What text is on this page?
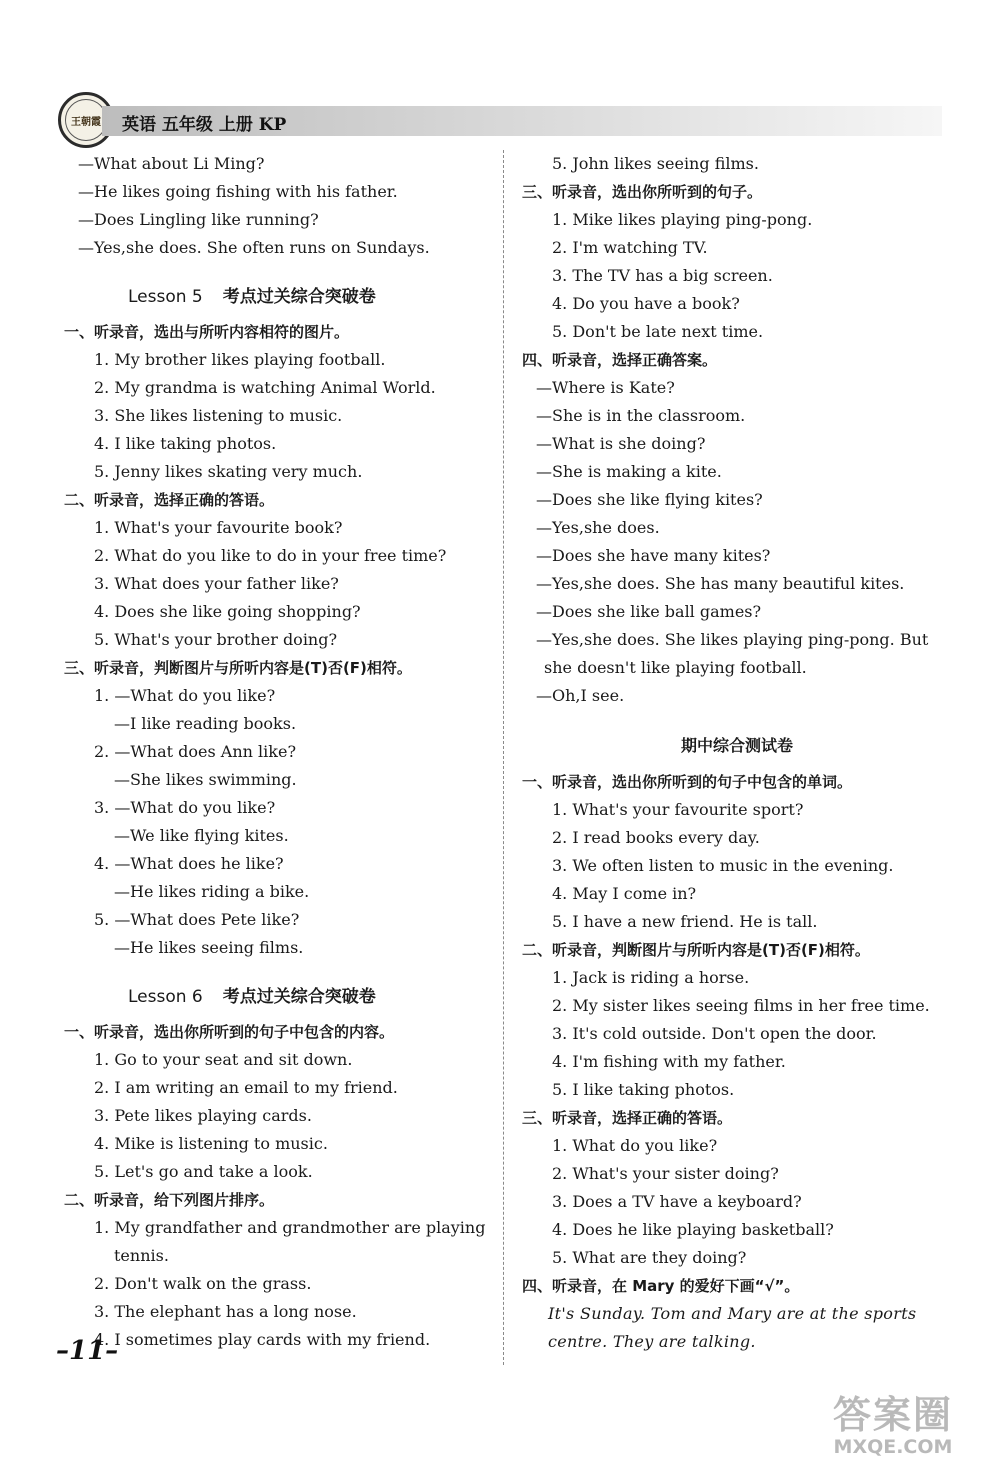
王朝霞	英语 五年级 上册 KP
—What about Li Ming?
—He likes going fishing with his father.
—Does Lingling like running?
—Yes,she does. She often runs on Sundays.
Lesson 5 考点过关综合突破卷
一、听录音，选出与所听内容相符的图片。
1. My brother likes playing football.
2. My grandma is watching Animal World.
3. She likes listening to music.
4. I like taking photos.
5. Jenny likes skating very much.
二、听录音，选择正确的答语。
1. What's your favourite book?
2. What do you like to do in your free time?
3. What does your father like?
4. Does she like going shopping?
5. What's your brother doing?
三、听录音，判断图片与所听内容是(T)否(F)相符。
1. —What do you like?
—I like reading books.
2. —What does Ann like?
—She likes swimming.
3. —What do you like?
—We like flying kites.
4. —What does he like?
—He likes riding a bike.
5. —What does Pete like?
—He likes seeing films.
Lesson 6 考点过关综合突破卷
一、听录音，选出你所听到的句子中包含的内容。
1. Go to your seat and sit down.
2. I am writing an email to my friend.
3. Pete likes playing cards.
4. Mike is listening to music.
5. Let's go and take a look.
二、听录音，给下列图片排序。
1. My grandfather and grandmother are playing
tennis.
2. Don't walk on the grass.
3. The elephant has a long nose.
4. I sometimes play cards with my friend.
5. John likes seeing films.
三、听录音，选出你所听到的句子。
1. Mike likes playing ping-pong.
2. I'm watching TV.
3. The TV has a big screen.
4. Do you have a book?
5. Don't be late next time.
四、听录音，选择正确答案。
—Where is Kate?
—She is in the classroom.
—What is she doing?
—She is making a kite.
—Does she like flying kites?
—Yes,she does.
—Does she have many kites?
—Yes,she does. She has many beautiful kites.
—Does she like ball games?
—Yes,she does. She likes playing ping-pong. But
she doesn't like playing football.
—Oh,I see.
期中综合测试卷
一、听录音，选出你所听到的句子中包含的单词。
1. What's your favourite sport?
2. I read books every day.
3. We often listen to music in the evening.
4. May I come in?
5. I have a new friend. He is tall.
二、听录音，判断图片与所听内容是(T)否(F)相符。
1. Jack is riding a horse.
2. My sister likes seeing films in her free time.
3. It's cold outside. Don't open the door.
4. I'm fishing with my father.
5. I like taking photos.
三、听录音，选择正确的答语。
1. What do you like?
2. What's your sister doing?
3. Does a TV have a keyboard?
4. Does he like playing basketball?
5. What are they doing?
四、听录音，在 Mary 的爱好下画“√”。
It's Sunday. Tom and Mary are at the sports
centre. They are talking.
–11–
答案圈
MXQE.COM
